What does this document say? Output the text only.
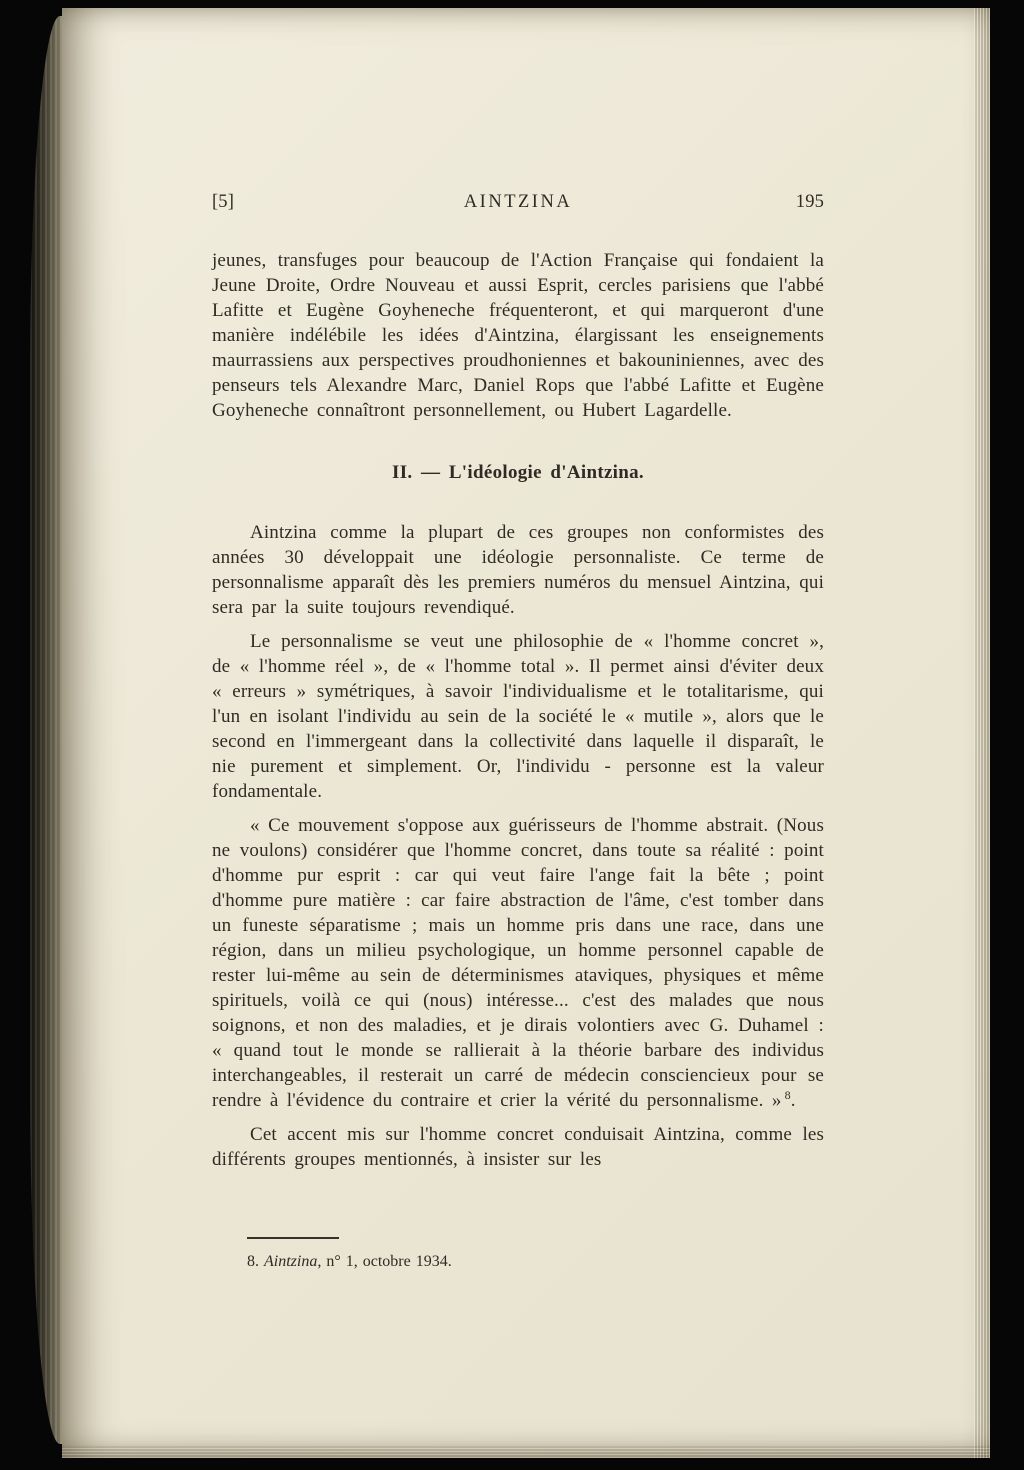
[5]	AINTZINA	195

jeunes, transfuges pour beaucoup de l'Action Française qui fondaient la Jeune Droite, Ordre Nouveau et aussi Esprit, cercles parisiens que l'abbé Lafitte et Eugène Goyheneche fréquenteront, et qui marqueront d'une manière indélébile les idées d'Aintzina, élargissant les enseignements maurrassiens aux perspectives proudhoniennes et bakouniniennes, avec des penseurs tels Alexandre Marc, Daniel Rops que l'abbé Lafitte et Eugène Goyheneche connaîtront personnellement, ou Hubert Lagardelle.

II. — L'idéologie d'Aintzina.

Aintzina comme la plupart de ces groupes non conformistes des années 30 développait une idéologie personnaliste. Ce terme de personnalisme apparaît dès les premiers numéros du mensuel Aintzina, qui sera par la suite toujours revendiqué.

Le personnalisme se veut une philosophie de « l'homme concret », de « l'homme réel », de « l'homme total ». Il permet ainsi d'éviter deux « erreurs » symétriques, à savoir l'individualisme et le totalitarisme, qui l'un en isolant l'individu au sein de la société le « mutile », alors que le second en l'immergeant dans la collectivité dans laquelle il disparaît, le nie purement et simplement. Or, l'individu - personne est la valeur fondamentale.

« Ce mouvement s'oppose aux guérisseurs de l'homme abstrait. (Nous ne voulons) considérer que l'homme concret, dans toute sa réalité : point d'homme pur esprit : car qui veut faire l'ange fait la bête ; point d'homme pure matière : car faire abstraction de l'âme, c'est tomber dans un funeste séparatisme ; mais un homme pris dans une race, dans une région, dans un milieu psychologique, un homme personnel capable de rester lui-même au sein de déterminismes ataviques, physiques et même spirituels, voilà ce qui (nous) intéresse... c'est des malades que nous soignons, et non des maladies, et je dirais volontiers avec G. Duhamel : « quand tout le monde se rallierait à la théorie barbare des individus interchangeables, il resterait un carré de médecin consciencieux pour se rendre à l'évidence du contraire et crier la vérité du personnalisme. » $^8$.

Cet accent mis sur l'homme concret conduisait Aintzina, comme les différents groupes mentionnés, à insister sur les

8. Aintzina, n° 1, octobre 1934.
